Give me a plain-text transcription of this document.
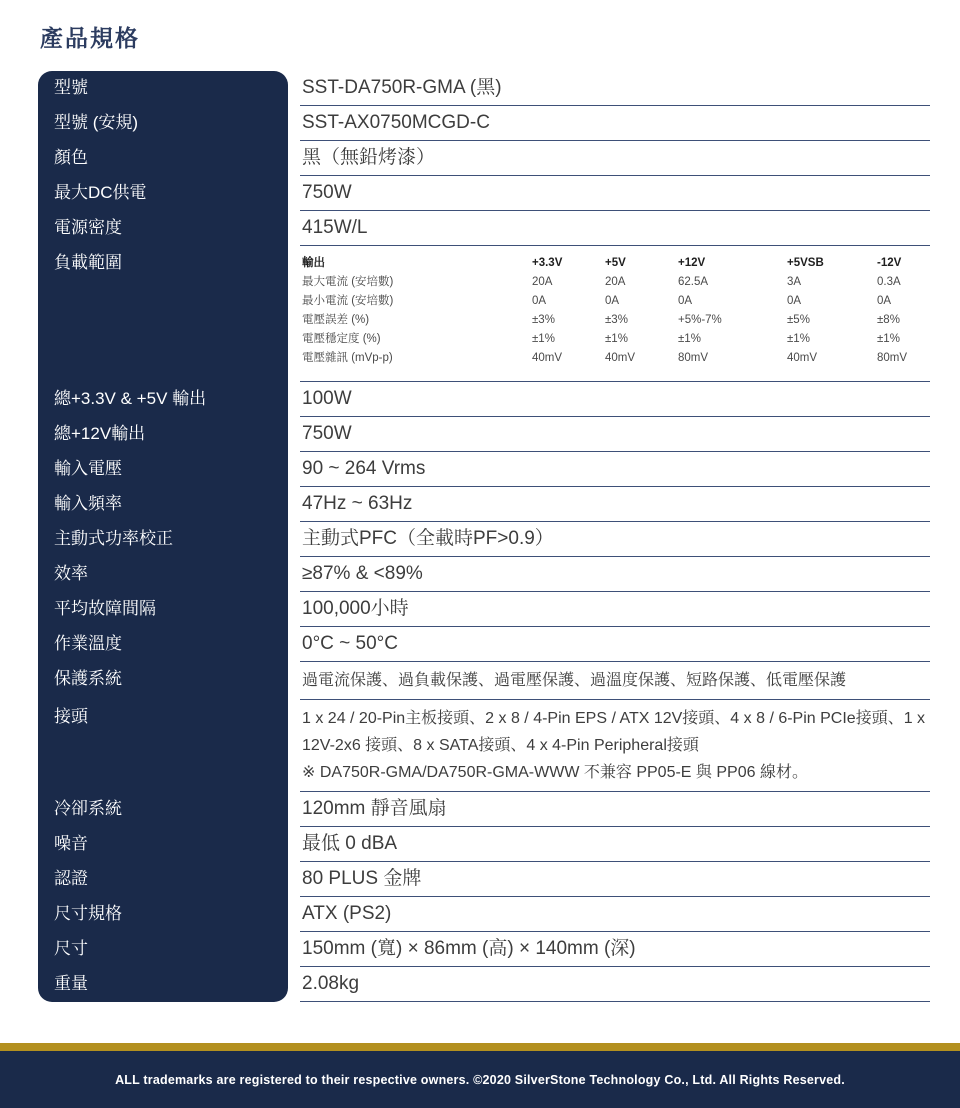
產品規格
型號	SST-DA750R-GMA (黑)
型號 (安規)	SST-AX0750MCGD-C
顏色	黑（無鉛烤漆）
最大DC供電	750W
電源密度	415W/L
負載範圍	輸出	+3.3V	+5V	+12V	+5VSB	-12V
最大電流 (安培數)	20A	20A	62.5A	3A	0.3A
最小電流 (安培數)	0A	0A	0A	0A	0A
電壓誤差 (%)	±3%	±3%	+5%-7%	±5%	±8%
電壓穩定度 (%)	±1%	±1%	±1%	±1%	±1%
電壓雜訊 (mVp-p)	40mV	40mV	80mV	40mV	80mV
總+3.3V & +5V 輸出	100W
總+12V輸出	750W
輸入電壓	90 ~ 264 Vrms
輸入頻率	47Hz ~ 63Hz
主動式功率校正	主動式PFC（全載時PF>0.9）
效率	≥87% & <89%
平均故障間隔	100,000小時
作業溫度	0°C ~ 50°C
保護系統	過電流保護、過負載保護、過電壓保護、過溫度保護、短路保護、低電壓保護
接頭	1 x 24 / 20-Pin主板接頭、2 x 8 / 4-Pin EPS / ATX 12V接頭、4 x 8 / 6-Pin PCIe接頭、1 x 12V-2x6 接頭、8 x SATA接頭、4 x 4-Pin Peripheral接頭
※ DA750R-GMA/DA750R-GMA-WWW 不兼容 PP05-E 與 PP06 線材。
冷卻系統	120mm 靜音風扇
噪音	最低 0 dBA
認證	80 PLUS 金牌
尺寸規格	ATX (PS2)
尺寸	150mm (寬) × 86mm (高) × 140mm (深)
重量	2.08kg
ALL trademarks are registered to their respective owners. ©2020 SilverStone Technology Co., Ltd. All Rights Reserved.
